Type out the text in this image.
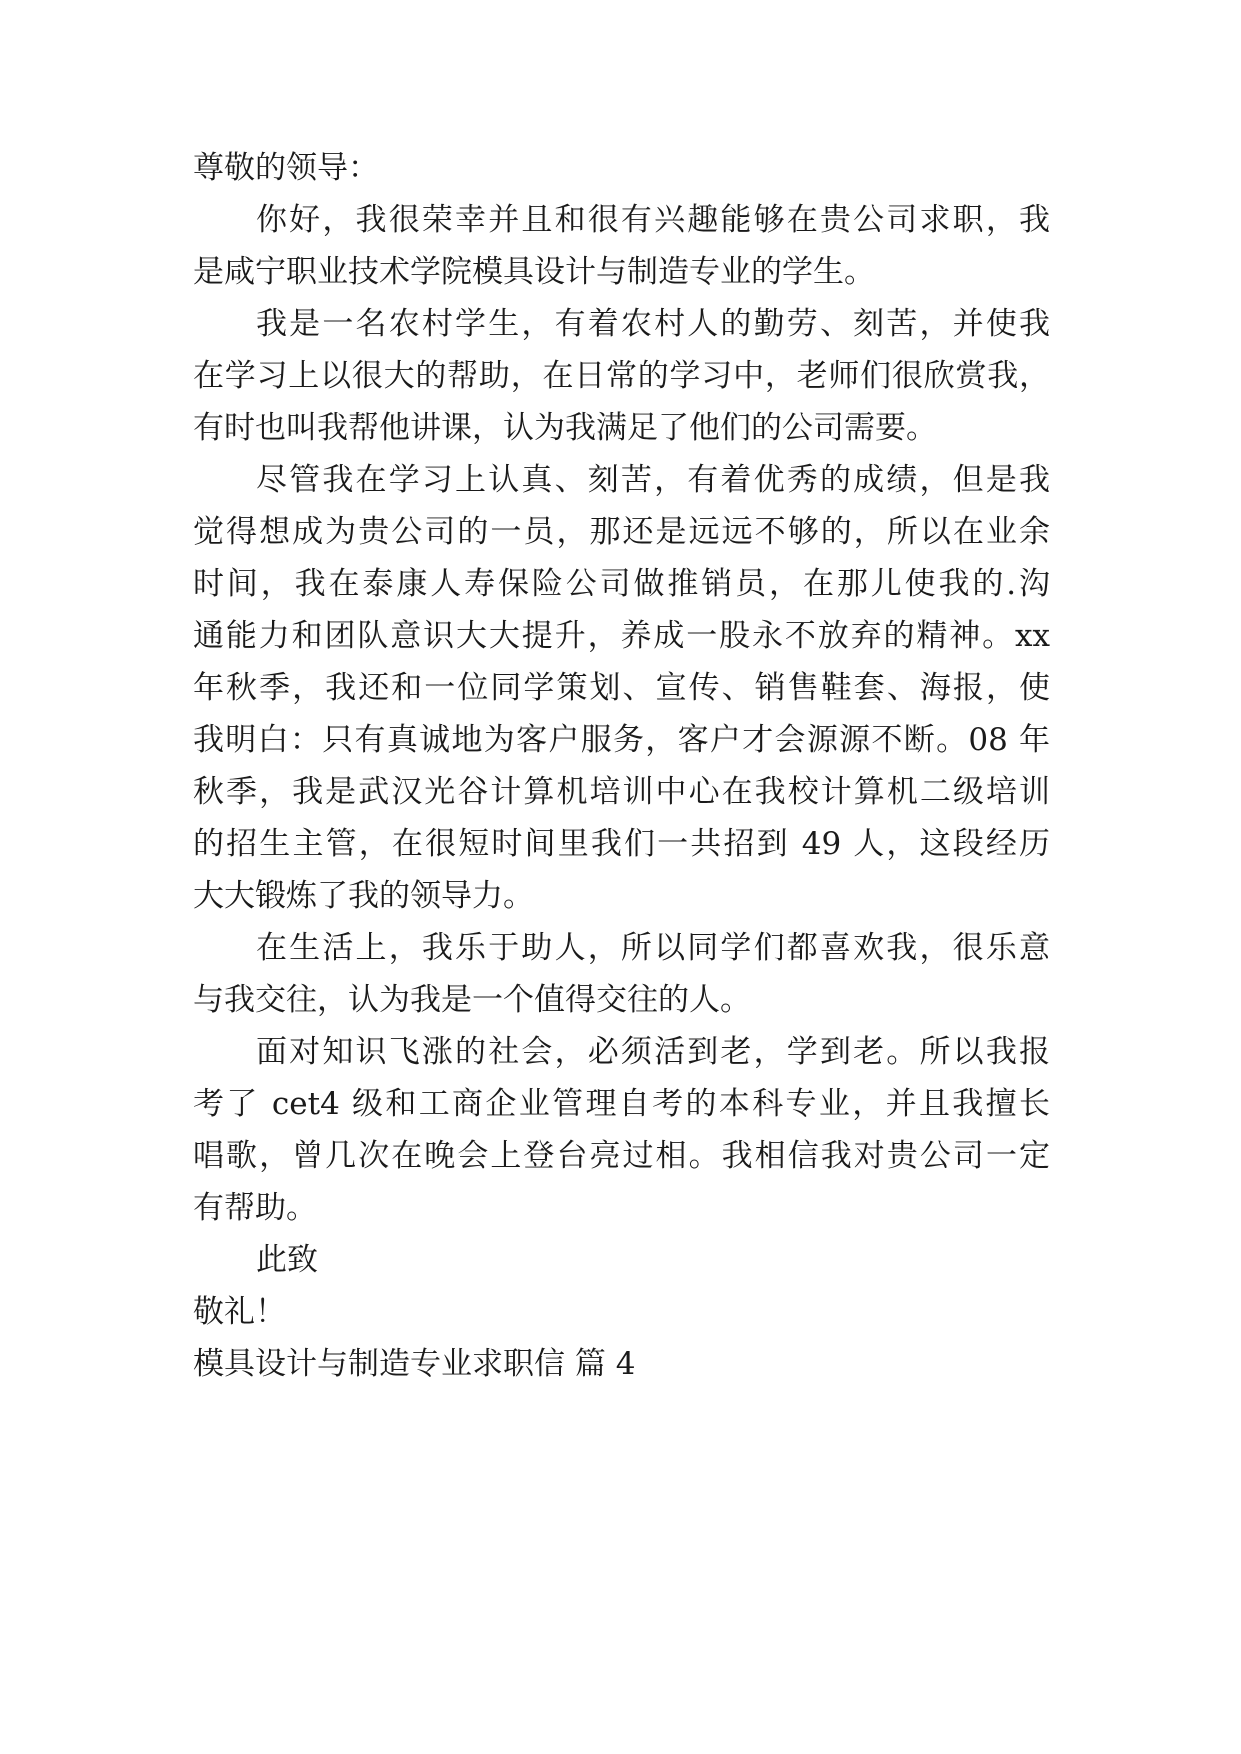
尊敬的领导：

你好，我很荣幸并且和很有兴趣能够在贵公司求职，我

是咸宁职业技术学院模具设计与制造专业的学生。

我是一名农村学生，有着农村人的勤劳、刻苦，并使我

在学习上以很大的帮助，在日常的学习中，老师们很欣赏我，

有时也叫我帮他讲课，认为我满足了他们的公司需要。

尽管我在学习上认真、刻苦，有着优秀的成绩，但是我

觉得想成为贵公司的一员，那还是远远不够的，所以在业余

时间，我在泰康人寿保险公司做推销员，在那儿使我的.沟

通能力和团队意识大大提升，养成一股永不放弃的精神。xx

年秋季，我还和一位同学策划、宣传、销售鞋套、海报，使

我明白：只有真诚地为客户服务，客户才会源源不断。08 年

秋季，我是武汉光谷计算机培训中心在我校计算机二级培训

的招生主管，在很短时间里我们一共招到 49 人，这段经历

大大锻炼了我的领导力。

在生活上，我乐于助人，所以同学们都喜欢我，很乐意

与我交往，认为我是一个值得交往的人。

面对知识飞涨的社会，必须活到老，学到老。所以我报

考了 cet4 级和工商企业管理自考的本科专业，并且我擅长

唱歌，曾几次在晚会上登台亮过相。我相信我对贵公司一定

有帮助。

此致

敬礼！

模具设计与制造专业求职信 篇 4
